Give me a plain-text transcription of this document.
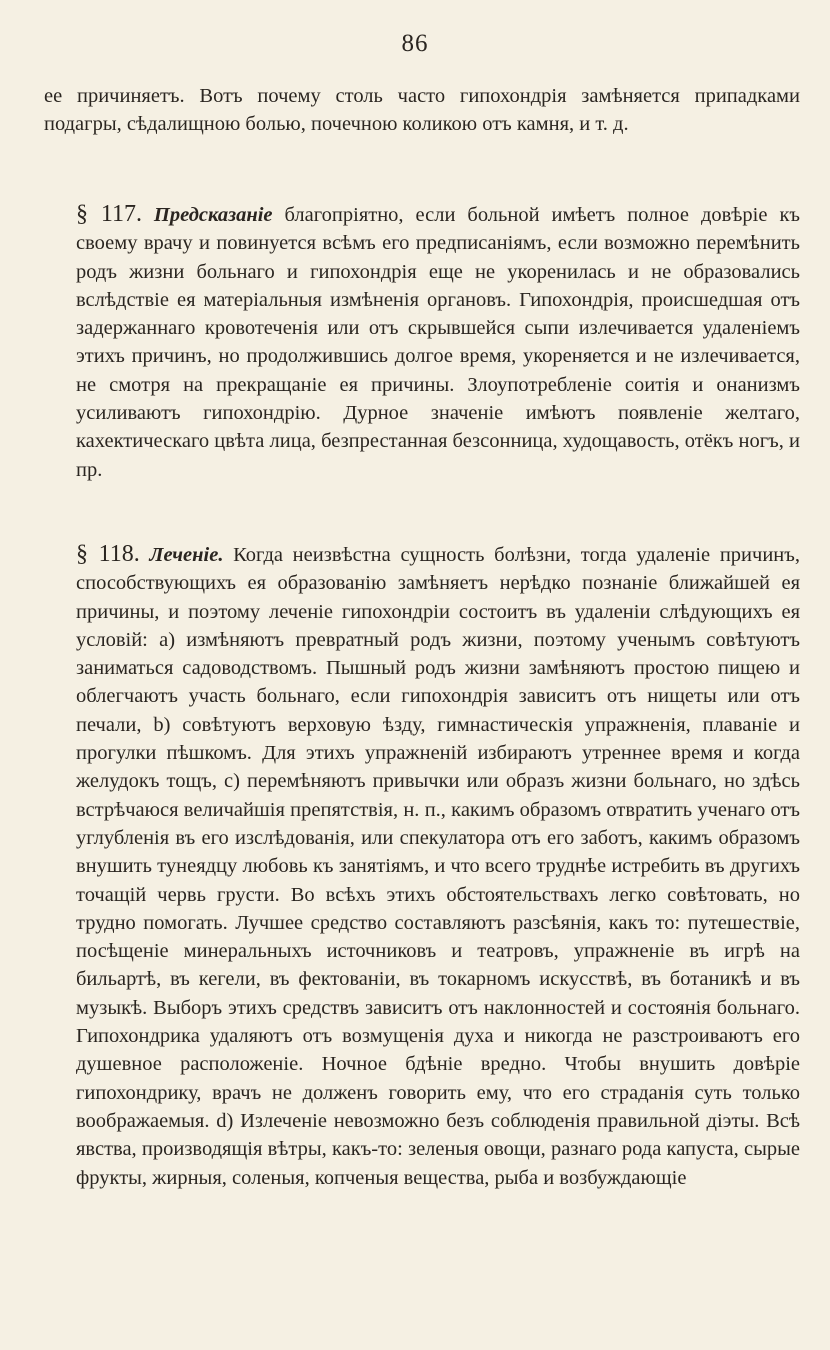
86

ее причиняетъ. Вотъ почему столь часто гипохондрія замѣняется припадками подагры, сѣдалищною болью, почечною коликою отъ камня, и т. д.

§ 117. Предсказаніе благопріятно, если больной имѣетъ полное довѣріе къ своему врачу и повинуется всѣмъ его предписаніямъ, если возможно перемѣнить родъ жизни больнаго и гипохондрія еще не укоренилась и не образовались вслѣдствіе ея матеріальныя измѣненія органовъ. Гипохондрія, происшедшая отъ задержаннаго кровотеченія или отъ скрывшейся сыпи излечивается удаленіемъ этихъ причинъ, но продолжившись долгое время, укореняется и не излечивается, не смотря на прекращаніе ея причины. Злоупотребленіе соитія и онанизмъ усиливаютъ гипохондрію. Дурное значеніе имѣютъ появленіе желтаго, кахектическаго цвѣта лица, безпрестанная безсонница, худощавость, отёкъ ногъ, и пр.

§ 118. Леченіе. Когда неизвѣстна сущность болѣзни, тогда удаленіе причинъ, способствующихъ ея образованію замѣняетъ нерѣдко познаніе ближайшей ея причины, и поэтому леченіе гипохондріи состоитъ въ удаленіи слѣдующихъ ея условій: a) измѣняютъ превратный родъ жизни, поэтому ученымъ совѣтуютъ заниматься садоводствомъ. Пышный родъ жизни замѣняютъ простою пищею и облегчаютъ участь больнаго, если гипохондрія зависитъ отъ нищеты или отъ печали, b) совѣтуютъ верховую ѣзду, гимнастическія упражненія, плаваніе и прогулки пѣшкомъ. Для этихъ упражненій избираютъ утреннее время и когда желудокъ тощъ, c) перемѣняютъ привычки или образъ жизни больнаго, но здѣсь встрѣчаюся величайшія препятствія, н. п., какимъ образомъ отвратить ученаго отъ углубленія въ его изслѣдованія, или спекулатора отъ его заботъ, какимъ образомъ внушить тунеядцу любовь къ занятіямъ, и что всего труднѣе истребить въ другихъ точащій червь грусти. Во всѣхъ этихъ обстоятельствахъ легко совѣтовать, но трудно помогать. Лучшее средство составляютъ разсѣянія, какъ то: путешествіе, посѣщеніе минеральныхъ источниковъ и театровъ, упражненіе въ игрѣ на бильартѣ, въ кегели, въ фектованіи, въ токарномъ искусствѣ, въ ботаникѣ и въ музыкѣ. Выборъ этихъ средствъ зависитъ отъ наклонностей и состоянія больнаго. Гипохондрика удаляютъ отъ возмущенія духа и никогда не разстроиваютъ его душевное расположеніе. Ночное бдѣніе вредно. Чтобы внушить довѣріе гипохондрику, врачъ не долженъ говорить ему, что его страданія суть только воображаемыя. d) Излеченіе невозможно безъ соблюденія правильной діэты. Всѣ явства, производящія вѣтры, какъ-то: зеленыя овощи, разнаго рода капуста, сырые фрукты, жирныя, соленыя, копченыя вещества, рыба и возбуждающіе
